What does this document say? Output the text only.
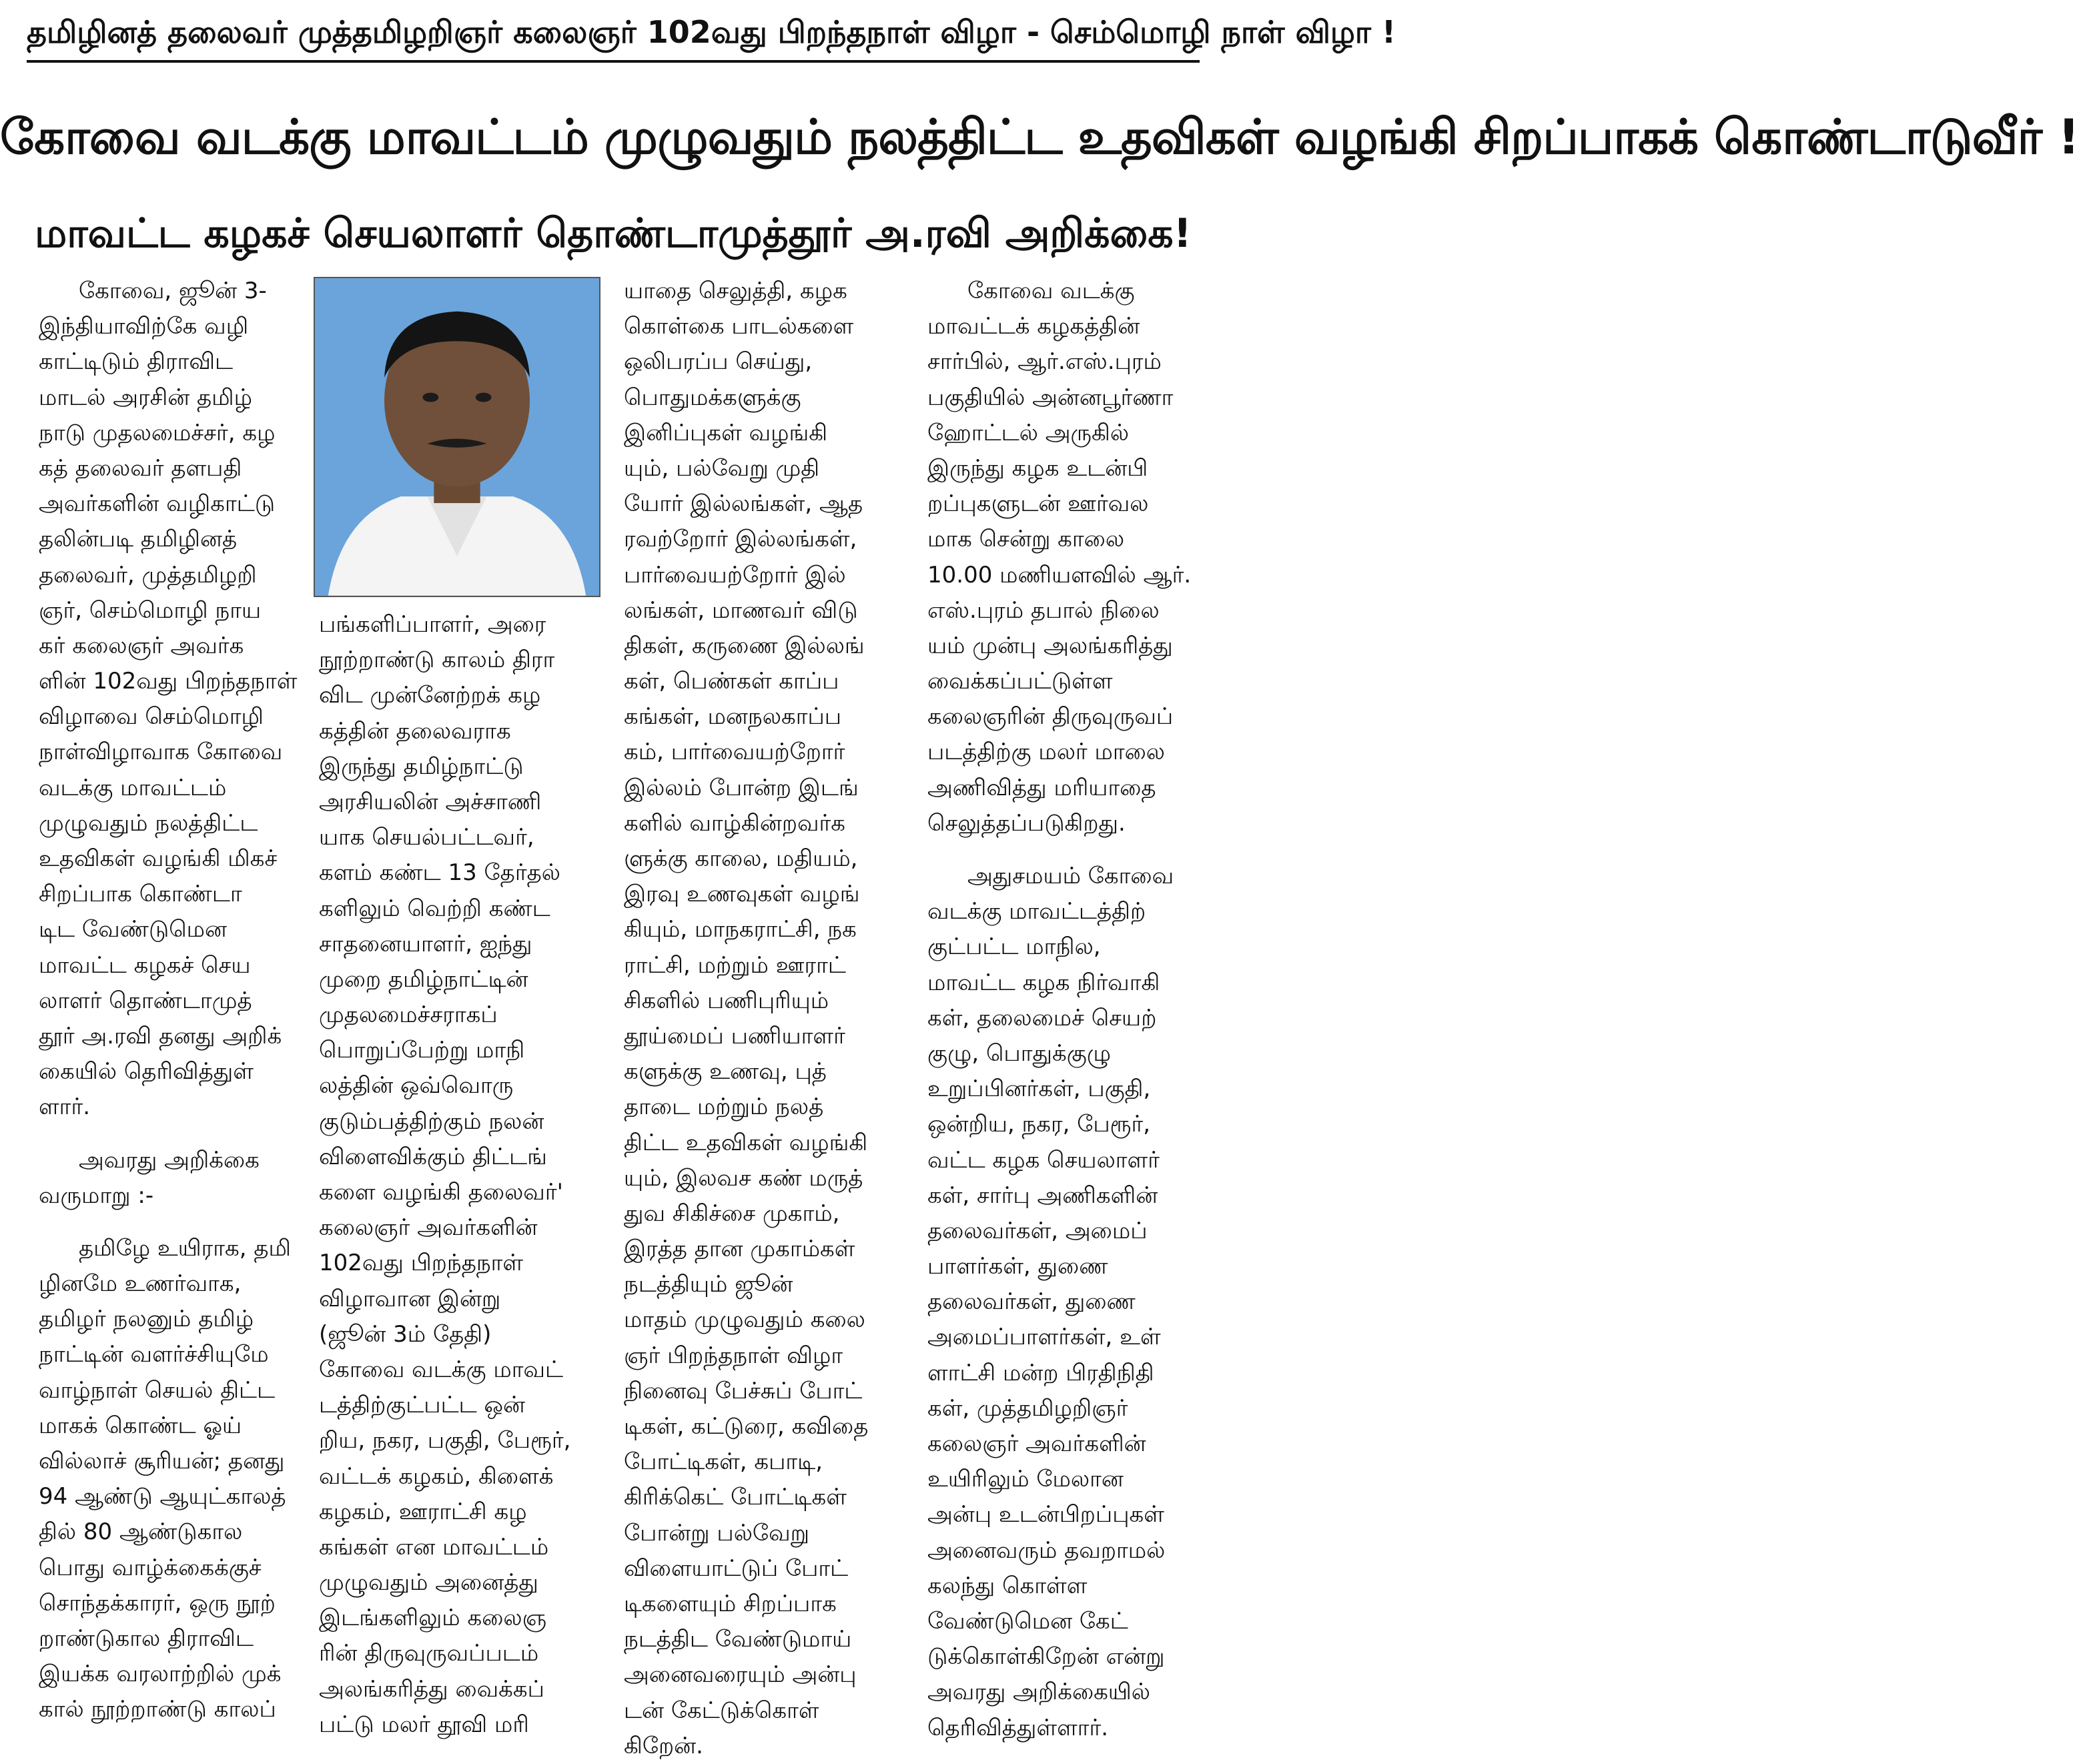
தமிழினத் தலைவர் முத்தமிழறிஞர் கலைஞர் 102வது பிறந்தநாள் விழா - செம்மொழி நாள் விழா !
கோவை வடக்கு மாவட்டம் முழுவதும் நலத்திட்ட உதவிகள் வழங்கி சிறப்பாகக் கொண்டாடுவீர் !
மாவட்ட கழகச் செயலாளர் தொண்டாமுத்தூர் அ.ரவி அறிக்கை!
கோவை, ஜூன் 3-
இந்தியாவிற்கே வழி
காட்டிடும் திராவிட
மாடல் அரசின் தமிழ்
நாடு முதலமைச்சர், கழ
கத் தலைவர் தளபதி
அவர்களின் வழிகாட்டு
தலின்படி தமிழினத்
தலைவர், முத்தமிழறி
ஞர், செம்மொழி நாய
கர் கலைஞர் அவர்க
ளின் 102வது பிறந்தநாள்
விழாவை செம்மொழி
நாள்விழாவாக கோவை
வடக்கு மாவட்டம்
முழுவதும் நலத்திட்ட
உதவிகள் வழங்கி மிகச்
சிறப்பாக கொண்டா
டிட வேண்டுமென
மாவட்ட கழகச் செய
லாளர் தொண்டாமுத்
தூர் அ.ரவி தனது அறிக்
கையில் தெரிவித்துள்
ளார்.
அவரது அறிக்கை
வருமாறு :-
தமிழே உயிராக, தமி
ழினமே உணர்வாக,
தமிழர் நலனும் தமிழ்
நாட்டின் வளர்ச்சியுமே
வாழ்நாள் செயல் திட்ட
மாகக் கொண்ட ஓய்
வில்லாச் சூரியன்; தனது
94 ஆண்டு ஆயுட்காலத்
தில் 80 ஆண்டுகால
பொது வாழ்க்கைக்குச்
சொந்தக்காரர், ஒரு நூற்
றாண்டுகால திராவிட
இயக்க வரலாற்றில் முக்
கால் நூற்றாண்டு காலப்
பங்களிப்பாளர், அரை
நூற்றாண்டு காலம் திரா
விட முன்னேற்றக் கழ
கத்தின் தலைவராக
இருந்து தமிழ்நாட்டு
அரசியலின் அச்சாணி
யாக செயல்பட்டவர்,
களம் கண்ட 13 தேர்தல்
களிலும் வெற்றி கண்ட
சாதனையாளர், ஐந்து
முறை தமிழ்நாட்டின்
முதலமைச்சராகப்
பொறுப்பேற்று மாநி
லத்தின் ஒவ்வொரு
குடும்பத்திற்கும் நலன்
விளைவிக்கும் திட்டங்
களை வழங்கி தலைவர்'
கலைஞர் அவர்களின்
102வது பிறந்தநாள்
விழாவான இன்று
(ஜூன் 3ம் தேதி)
கோவை வடக்கு மாவட்
டத்திற்குட்பட்ட ஒன்
றிய, நகர, பகுதி, பேரூர்,
வட்டக் கழகம், கிளைக்
கழகம், ஊராட்சி கழ
கங்கள் என மாவட்டம்
முழுவதும் அனைத்து
இடங்களிலும் கலைஞ
ரின் திருவுருவப்படம்
அலங்கரித்து வைக்கப்
பட்டு மலர் தூவி மரி
யாதை செலுத்தி, கழக
கொள்கை பாடல்களை
ஒலிபரப்ப செய்து,
பொதுமக்களுக்கு
இனிப்புகள் வழங்கி
யும், பல்வேறு முதி
யோர் இல்லங்கள், ஆத
ரவற்றோர் இல்லங்கள்,
பார்வையற்றோர் இல்
லங்கள், மாணவர் விடு
திகள், கருணை இல்லங்
கள், பெண்கள் காப்ப
கங்கள், மனநலகாப்ப
கம், பார்வையற்றோர்
இல்லம் போன்ற இடங்
களில் வாழ்கின்றவர்க
ளுக்கு காலை, மதியம்,
இரவு உணவுகள் வழங்
கியும், மாநகராட்சி, நக
ராட்சி, மற்றும் ஊராட்
சிகளில் பணிபுரியும்
தூய்மைப் பணியாளர்
களுக்கு உணவு, புத்
தாடை மற்றும் நலத்
திட்ட உதவிகள் வழங்கி
யும், இலவச கண் மருத்
துவ சிகிச்சை முகாம்,
இரத்த தான முகாம்கள்
நடத்தியும் ஜூன்
மாதம் முழுவதும் கலை
ஞர் பிறந்தநாள் விழா
நினைவு பேச்சுப் போட்
டிகள், கட்டுரை, கவிதை
போட்டிகள், கபாடி,
கிரிக்கெட் போட்டிகள்
போன்று பல்வேறு
விளையாட்டுப் போட்
டிகளையும் சிறப்பாக
நடத்திட வேண்டுமாய்
அனைவரையும் அன்பு
டன் கேட்டுக்கொள்
கிறேன்.
கோவை வடக்கு
மாவட்டக் கழகத்தின்
சார்பில், ஆர்.எஸ்.புரம்
பகுதியில் அன்னபூர்ணா
ஹோட்டல் அருகில்
இருந்து கழக உடன்பி
றப்புகளுடன் ஊர்வல
மாக சென்று காலை
10.00 மணியளவில் ஆர்.
எஸ்.புரம் தபால் நிலை
யம் முன்பு அலங்கரித்து
வைக்கப்பட்டுள்ள
கலைஞரின் திருவுருவப்
படத்திற்கு மலர் மாலை
அணிவித்து மரியாதை
செலுத்தப்படுகிறது.
அதுசமயம் கோவை
வடக்கு மாவட்டத்திற்
குட்பட்ட மாநில,
மாவட்ட கழக நிர்வாகி
கள், தலைமைச் செயற்
குழு, பொதுக்குழு
உறுப்பினர்கள், பகுதி,
ஒன்றிய, நகர, பேரூர்,
வட்ட கழக செயலாளர்
கள், சார்பு அணிகளின்
தலைவர்கள், அமைப்
பாளர்கள், துணை
தலைவர்கள், துணை
அமைப்பாளர்கள், உள்
ளாட்சி மன்ற பிரதிநிதி
கள், முத்தமிழறிஞர்
கலைஞர் அவர்களின்
உயிரிலும் மேலான
அன்பு உடன்பிறப்புகள்
அனைவரும் தவறாமல்
கலந்து கொள்ள
வேண்டுமென கேட்
டுக்கொள்கிறேன் என்று
அவரது அறிக்கையில்
தெரிவித்துள்ளார்.
